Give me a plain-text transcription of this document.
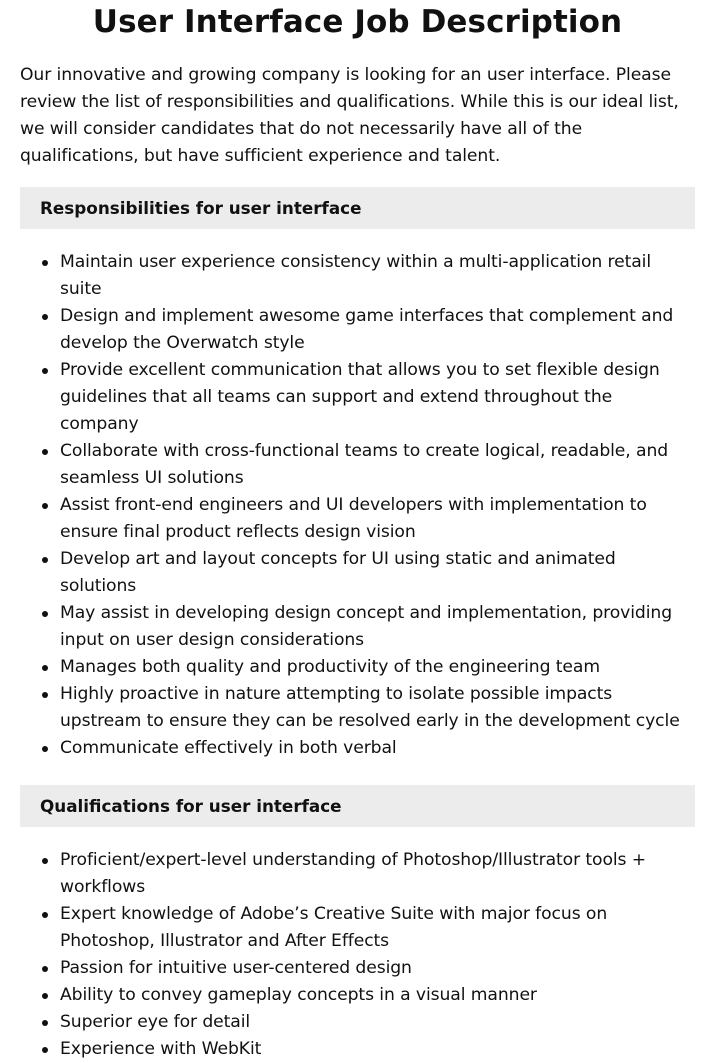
User Interface Job Description

Our innovative and growing company is looking for an user interface. Please review the list of responsibilities and qualifications. While this is our ideal list, we will consider candidates that do not necessarily have all of the qualifications, but have sufficient experience and talent.

Responsibilities for user interface
Maintain user experience consistency within a multi-application retail suite
Design and implement awesome game interfaces that complement and develop the Overwatch style
Provide excellent communication that allows you to set flexible design guidelines that all teams can support and extend throughout the company
Collaborate with cross-functional teams to create logical, readable, and seamless UI solutions
Assist front-end engineers and UI developers with implementation to ensure final product reflects design vision
Develop art and layout concepts for UI using static and animated solutions
May assist in developing design concept and implementation, providing input on user design considerations
Manages both quality and productivity of the engineering team
Highly proactive in nature attempting to isolate possible impacts upstream to ensure they can be resolved early in the development cycle
Communicate effectively in both verbal
Qualifications for user interface
Proficient/expert-level understanding of Photoshop/Illustrator tools + workflows
Expert knowledge of Adobe’s Creative Suite with major focus on Photoshop, Illustrator and After Effects
Passion for intuitive user-centered design
Ability to convey gameplay concepts in a visual manner
Superior eye for detail
Experience with WebKit
